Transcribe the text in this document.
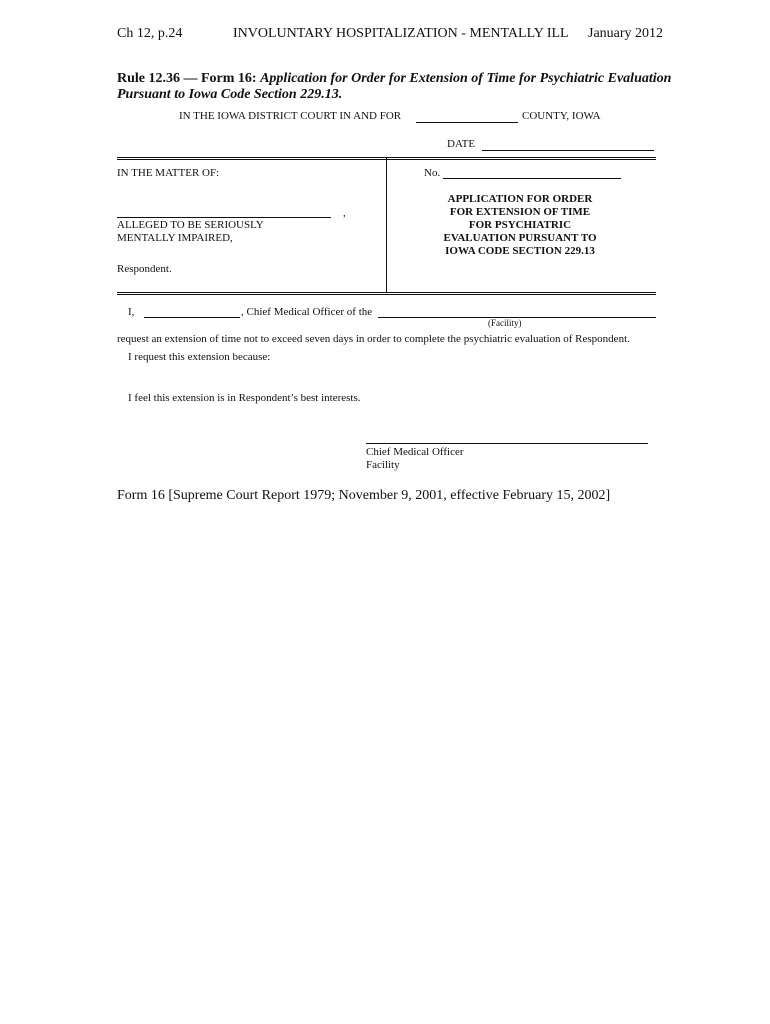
Ch 12, p.24	INVOLUNTARY HOSPITALIZATION - MENTALLY ILL January 2012
Rule 12.36 — Form 16: Application for Order for Extension of Time for Psychiatric Evaluation
Pursuant to Iowa Code Section 229.13.
IN THE IOWA DISTRICT COURT IN AND FOR	COUNTY, IOWA
DATE
IN THE MATTER OF:
,
ALLEGED TO BE SERIOUSLY
MENTALLY IMPAIRED,
Respondent.
No.
APPLICATION FOR ORDER
FOR EXTENSION OF TIME
FOR PSYCHIATRIC
EVALUATION PURSUANT TO
IOWA CODE SECTION 229.13
I,	, Chief Medical Officer of the
(Facility)
request an extension of time not to exceed seven days in order to complete the psychiatric evaluation of Respondent.
I request this extension because:
I feel this extension is in Respondent’s best interests.
Chief Medical Officer
Facility
Form 16 [Supreme Court Report 1979; November 9, 2001, effective February 15, 2002]
